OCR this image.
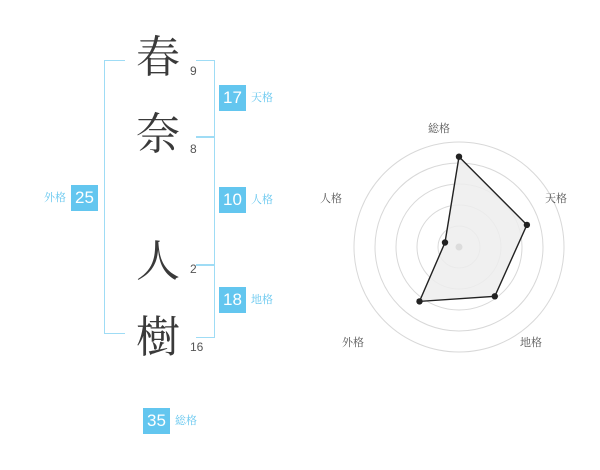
春 9
奈 8
人 2
樹 16
17 天格
10 人格
18 地格
外格 25
35 総格
総格
天格
地格
外格
人格
